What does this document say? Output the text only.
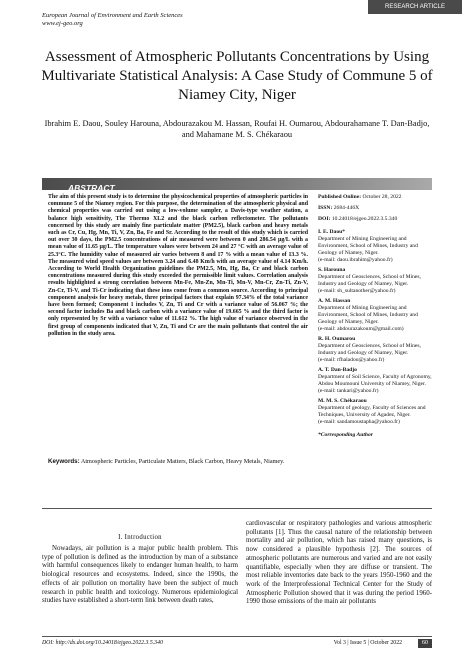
RESEARCH ARTICLE
European Journal of Environment and Earth Sciences
www.ej-geo.org
Assessment of Atmospheric Pollutants Concentrations by Using Multivariate Statistical Analysis: A Case Study of Commune 5 of Niamey City, Niger
Ibrahim E. Daou, Souley Harouna, Abdourazakou M. Hassan, Roufai H. Oumarou, Abdourahamane T. Dan-Badjo, and Mahamane M. S. Chékaraou
ABSTRACT
The aim of this present study is to determine the physicochemical properties of atmospheric particles in commune 5 of the Niamey region. For this purpose, the determination of the atmospheric physical and chemical properties was carried out using a low-volume sampler, a Davis-type weather station, a balance high sensitivity, The Thermo XL2 and the black carbon reflectometer. The pollutants concerned by this study are mainly fine particulate matter (PM2.5), black carbon and heavy metals such as Cr, Cu, Hg, Mn, Ti, V, Zn, Ba, Fe and Sr. According to the result of this study which is carried out over 30 days, the PM2.5 concentrations of air measured were between 0 and 286.54 µg/L with a mean value of 11.65 µg/L. The temperature values were between 24 and 27 °C with an average value of 25.3°C. The humidity value of measured air varies between 8 and 17 % with a mean value of 13.3 %. The measured wind speed values are between 3.24 and 6.48 Km/h with an average value of 4.14 Km/h. According to World Health Organization guidelines the PM2.5, Mn, Hg, Ba, Cr and black carbon concentrations measured during this study exceeded the permissible limit values. Correlation analysis results highlighted a strong correlation between Mn-Fe, Mn-Zn, Mn-Ti, Mn-V, Mn-Cr, Zn-Ti, Zn-V, Zn-Cr, Ti-V, and Ti-Cr indicating that these ions come from a common source. According to principal component analysis for heavy metals, three principal factors that explain 97.34% of the total variance have been formed; Component 1 includes V, Zn, Ti and Cr with a variance value of 56.067 %; the second factor includes Ba and black carbon with a variance value of 19.665 % and the third factor is only represented by Sr with a variance value of 11.612 %. The high value of variance observed in the first group of components indicated that V, Zn, Ti and Cr are the main pollutants that control the air pollution in the study area.
Keywords: Atmospheric Particles, Particulate Matters, Black Carbon, Heavy Metals, Niamey.
Published Online: October 28, 2022
ISSN: 2684-446X
DOI: 10.24018/ejgeo.2022.3.5.340
I. E. Daou*
Department of Mining Engineering and Environment, School of Mines, Industry and Geology of Niamey, Niger.
(e-mail: daou.ibrahim@yahoo.fr)
S. Harouna
Department of Geosciences, School of Mines, Industry and Geology of Niamey, Niger.
(e-mail: sh_sultanother@yahoo.fr)
A. M. Hassan
Department of Mining Engineering and Environment, School of Mines, Industry and Geology of Niamey, Niger.
(e-mail: abdourazakoum@gmail.com)
R. H. Oumarou
Department of Geosciences, School of Mines, Industry and Geology of Niamey, Niger.
(e-mail: rfhaladou@yahoo.fr)
A. T. Dan-Badjo
Department of Soil Science, Faculty of Agronomy, Abdou Moumouni University of Niamey, Niger.
(e-mail: tankari@yahoo.fr)
M. M. S. Chékaraou
Department of geology, Faculty of Sciences and Techniques, University of Agadez, Niger.
(e-mail: sandamoustapha@yahoo.fr)
*Corresponding Author
I. Introduction

Nowadays, air pollution is a major public health problem. This type of pollution is defined as the introduction by man of a substance with harmful consequences likely to endanger human health, to harm biological resources and ecosystems. Indeed, since the 1990s, the effects of air pollution on mortality have been the subject of much research in public health and toxicology. Numerous epidemiological studies have established a short-term link between death rates,

cardiovascular or respiratory pathologies and various atmospheric pollutants [1]. Thus the causal nature of the relationship between mortality and air pollution, which has raised many questions, is now considered a plausible hypothesis [2]. The sources of atmospheric pollutants are numerous and varied and are not easily quantifiable, especially when they are diffuse or transient. The most reliable inventories date back to the years 1950-1960 and the work of the Interprofessional Technical Center for the Study of Atmospheric Pollution showed that it was during the period 1960-1990 those emissions of the main air pollutants
DOI: http://dx.doi.org/10.24018/ejgeo.2022.3.5.340	Vol 3 | Issue 5 | October 2022	60
